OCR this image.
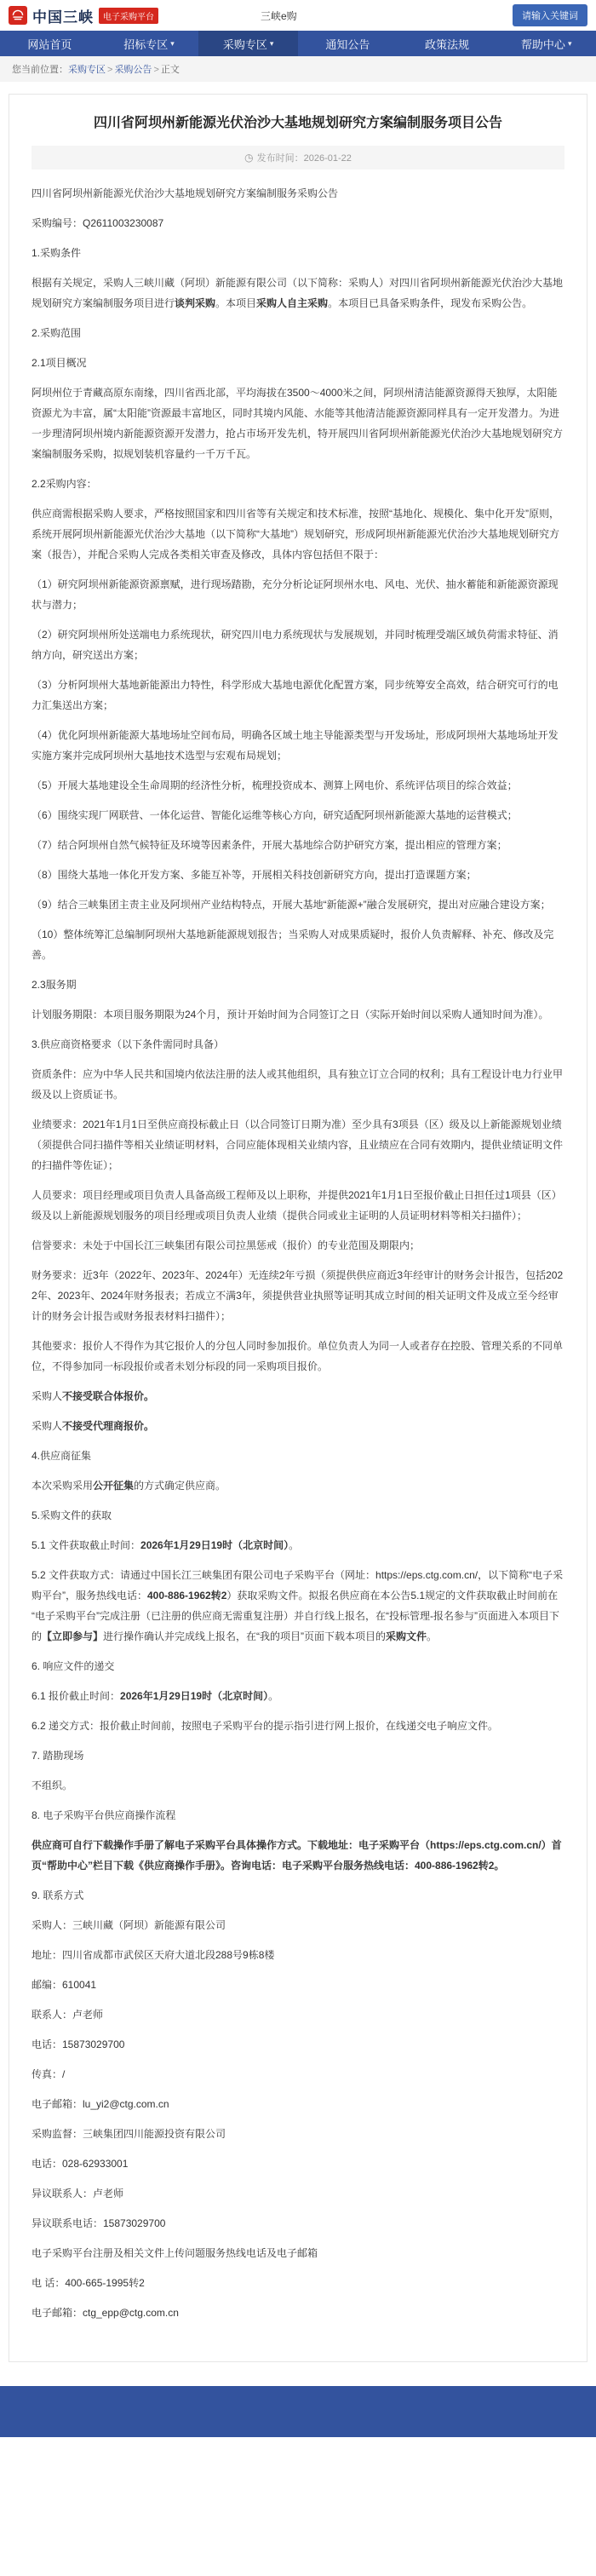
中国三峡	电子采购平台	三峡e购	请输入关键词
网站首页	招标专区 ▾	采购专区 ▾	通知公告	政策法规	帮助中心 ▾
您当前位置：采购专区 > 采购公告 > 正文
四川省阿坝州新能源光伏治沙大基地规划研究方案编制服务项目公告
◷ 发布时间：2026-01-22

四川省阿坝州新能源光伏治沙大基地规划研究方案编制服务采购公告

采购编号：Q2611003230087

1.采购条件

根据有关规定，采购人三峡川藏（阿坝）新能源有限公司（以下简称：采购人）对四川省阿坝州新能源光伏治沙大基地规划研究方案编制服务项目进行谈判采购。本项目采购人自主采购。本项目已具备采购条件，现发布采购公告。

2.采购范围

2.1项目概况

阿坝州位于青藏高原东南缘，四川省西北部，平均海拔在3500～4000米之间，阿坝州清洁能源资源得天独厚，太阳能资源尤为丰富，属“太阳能”资源最丰富地区，同时其境内风能、水能等其他清洁能源资源同样具有一定开发潜力。为进一步理清阿坝州境内新能源资源开发潜力，抢占市场开发先机，特开展四川省阿坝州新能源光伏治沙大基地规划研究方案编制服务采购，拟规划装机容量约一千万千瓦。

2.2采购内容：

供应商需根据采购人要求，严格按照国家和四川省等有关规定和技术标准，按照“基地化、规模化、集中化开发”原则，系统开展阿坝州新能源光伏治沙大基地（以下简称“大基地”）规划研究，形成阿坝州新能源光伏治沙大基地规划研究方案（报告），并配合采购人完成各类相关审查及修改，具体内容包括但不限于：

（1）研究阿坝州新能源资源禀赋，进行现场踏勘，充分分析论证阿坝州水电、风电、光伏、抽水蓄能和新能源资源现状与潜力；

（2）研究阿坝州所处送端电力系统现状，研究四川电力系统现状与发展规划，并同时梳理受端区域负荷需求特征、消纳方向，研究送出方案；

（3）分析阿坝州大基地新能源出力特性，科学形成大基地电源优化配置方案，同步统筹安全高效，结合研究可行的电力汇集送出方案；

（4）优化阿坝州新能源大基地场址空间布局，明确各区域土地主导能源类型与开发场址，形成阿坝州大基地场址开发实施方案并完成阿坝州大基地技术选型与宏观布局规划；

（5）开展大基地建设全生命周期的经济性分析，梳理投资成本、测算上网电价、系统评估项目的综合效益；

（6）围绕实现厂网联营、一体化运营、智能化运维等核心方向，研究适配阿坝州新能源大基地的运营模式；

（7）结合阿坝州自然气候特征及环境等因素条件，开展大基地综合防护研究方案，提出相应的管理方案；

（8）围绕大基地一体化开发方案、多能互补等，开展相关科技创新研究方向，提出打造课题方案；

（9）结合三峡集团主责主业及阿坝州产业结构特点，开展大基地“新能源+”融合发展研究，提出对应融合建设方案；

（10）整体统筹汇总编制阿坝州大基地新能源规划报告；当采购人对成果质疑时，报价人负责解释、补充、修改及完善。

2.3服务期

计划服务期限：本项目服务期限为24个月，预计开始时间为合同签订之日（实际开始时间以采购人通知时间为准）。

3.供应商资格要求（以下条件需同时具备）

资质条件：应为中华人民共和国境内依法注册的法人或其他组织，具有独立订立合同的权利；具有工程设计电力行业甲级及以上资质证书。

业绩要求：2021年1月1日至供应商投标截止日（以合同签订日期为准）至少具有3项县（区）级及以上新能源规划业绩（须提供合同扫描件等相关业绩证明材料，合同应能体现相关业绩内容，且业绩应在合同有效期内，提供业绩证明文件的扫描件等佐证）；

人员要求：项目经理或项目负责人具备高级工程师及以上职称，并提供2021年1月1日至报价截止日担任过1项县（区）级及以上新能源规划服务的项目经理或项目负责人业绩（提供合同或业主证明的人员证明材料等相关扫描件）；

信誉要求：未处于中国长江三峡集团有限公司拉黑惩戒（报价）的专业范围及期限内；

财务要求：近3年（2022年、2023年、2024年）无连续2年亏损（须提供供应商近3年经审计的财务会计报告，包括2022年、2023年、2024年财务报表；若成立不满3年，须提供营业执照等证明其成立时间的相关证明文件及成立至今经审计的财务会计报告或财务报表材料扫描件）；

其他要求：报价人不得作为其它报价人的分包人同时参加报价。单位负责人为同一人或者存在控股、管理关系的不同单位，不得参加同一标段报价或者未划分标段的同一采购项目报价。

采购人不接受联合体报价。

采购人不接受代理商报价。

4.供应商征集

本次采购采用公开征集的方式确定供应商。

5.采购文件的获取

5.1 文件获取截止时间：2026年1月29日19时（北京时间）。

5.2 文件获取方式：请通过中国长江三峡集团有限公司电子采购平台（网址：https://eps.ctg.com.cn/，以下简称“电子采购平台”，服务热线电话：400-886-1962转2）获取采购文件。拟报名供应商在本公告5.1规定的文件获取截止时间前在“电子采购平台”完成注册（已注册的供应商无需重复注册）并自行线上报名，在“投标管理-报名参与”页面进入本项目下的【立即参与】进行操作确认并完成线上报名，在“我的项目”页面下载本项目的采购文件。

6. 响应文件的递交

6.1 报价截止时间：2026年1月29日19时（北京时间）。

6.2 递交方式：报价截止时间前，按照电子采购平台的提示指引进行网上报价，在线递交电子响应文件。

7. 踏勘现场

不组织。

8. 电子采购平台供应商操作流程

供应商可自行下载操作手册了解电子采购平台具体操作方式。下载地址：电子采购平台（https://eps.ctg.com.cn/）首页“帮助中心”栏目下载《供应商操作手册》。咨询电话：电子采购平台服务热线电话：400-886-1962转2。

9. 联系方式

采购人：三峡川藏（阿坝）新能源有限公司

地址：四川省成都市武侯区天府大道北段288号9栋8楼

邮编：610041

联系人：卢老师

电话：15873029700

传真：/

电子邮箱：lu_yi2@ctg.com.cn

采购监督：三峡集团四川能源投资有限公司

电话：028-62933001

异议联系人：卢老师

异议联系电话：15873029700

电子采购平台注册及相关文件上传问题服务热线电话及电子邮箱

电 话：400-665-1995转2

电子邮箱：ctg_epp@ctg.com.cn
